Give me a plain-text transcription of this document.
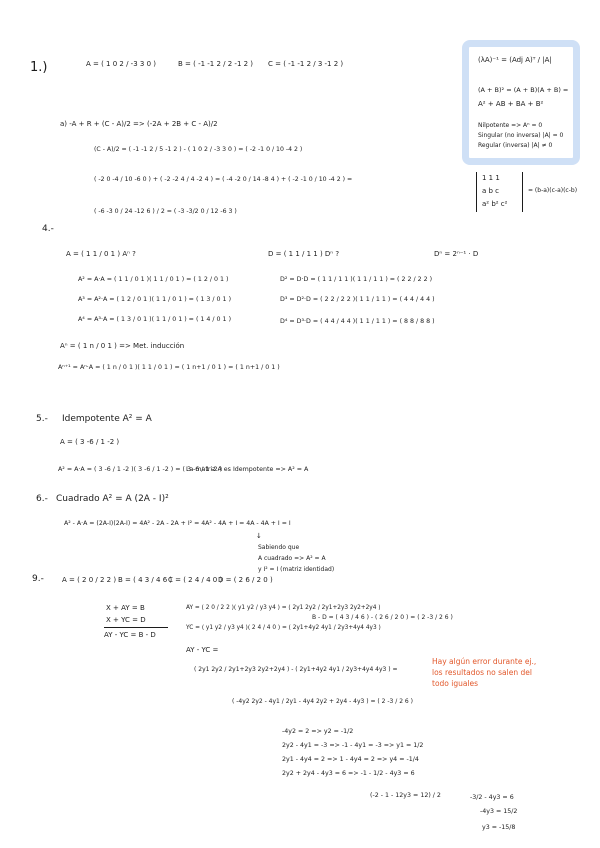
1.)	A = ( 1 0 2 / -3 3 0 )	B = ( -1 -1 2 / 2 -1 2 ) C = ( -1 -1 2 / 3 -1 2 )	(λA)⁻¹ = (Adj A)ᵀ / |A|
(A + B)² = (A + B)(A + B) =
A² + AB + BA + B²
Nilpotente => Aⁿ = 0
Singular (no inversa) |A| = 0
Regular (inversa) |A| ≠ 0
1 1 1
a b c
a² b² c²
= (b-a)(c-a)(c-b)
a) -A + R + (C - A)/2 => (-2A + 2B + C - A)/2
(C - A)/2 = ( -1 -1 2 / 5 -1 2 ) - ( 1 0 2 / -3 3 0 ) = ( -2 -1 0 / 10 -4 2 )
( -2 0 -4 / 10 -6 0 ) + ( -2 -2 4 / 4 -2 4 ) = ( -4 -2 0 / 14 -8 4 ) + ( -2 -1 0 / 10 -4 2 ) =
( -6 -3 0 / 24 -12 6 ) / 2 = ( -3 -3/2 0 / 12 -6 3 )
4.-
A = ( 1 1 / 0 1 ) Aⁿ ?	D = ( 1 1 / 1 1 ) Dⁿ ?	Dⁿ = 2ⁿ⁻¹ · D
A² = A·A = ( 1 1 / 0 1 )( 1 1 / 0 1 ) = ( 1 2 / 0 1 )
A³ = A²·A = ( 1 2 / 0 1 )( 1 1 / 0 1 ) = ( 1 3 / 0 1 )
A⁴ = A³·A = ( 1 3 / 0 1 )( 1 1 / 0 1 ) = ( 1 4 / 0 1 )
D² = D·D = ( 1 1 / 1 1 )( 1 1 / 1 1 ) = ( 2 2 / 2 2 )
D³ = D²·D = ( 2 2 / 2 2 )( 1 1 / 1 1 ) = ( 4 4 / 4 4 )
D⁴ = D³·D = ( 4 4 / 4 4 )( 1 1 / 1 1 ) = ( 8 8 / 8 8 )
Aⁿ = ( 1 n / 0 1 ) => Met. inducción
Aⁿ⁺¹ = Aⁿ·A = ( 1 n / 0 1 )( 1 1 / 0 1 ) = ( 1 n+1 / 0 1 ) = ( 1 n+1 / 0 1 )
5.- Idempotente A² = A
A = ( 3 -6 / 1 -2 )
A² = A·A = ( 3 -6 / 1 -2 )( 3 -6 / 1 -2 ) = ( 3 -6 / 1 -2 )
La matriz A es Idempotente => A² = A
6.- Cuadrado A² = A (2A - I)²
A² - A·A = (2A-I)(2A-I) = 4A² - 2A - 2A + I² = 4A² - 4A + I = 4A - 4A + I = I
↓
Sabiendo que
A cuadrado => A² = A
y I² = I (matriz identidad)
9.-	A = ( 2 0 / 2 2 ) B = ( 4 3 / 4 6 )
C = ( 2 4 / 4 0 )
D = ( 2 6 / 2 0 )
X + AY = B
X + YC = D
AY - YC = B - D
AY = ( 2 0 / 2 2 )( y1 y2 / y3 y4 ) = ( 2y1 2y2 / 2y1+2y3 2y2+2y4 )
YC = ( y1 y2 / y3 y4 )( 2 4 / 4 0 ) = ( 2y1+4y2 4y1 / 2y3+4y4 4y3 )
B - D = ( 4 3 / 4 6 ) - ( 2 6 / 2 0 ) = ( 2 -3 / 2 6 )
AY - YC =
( 2y1 2y2 / 2y1+2y3 2y2+2y4 ) - ( 2y1+4y2 4y1 / 2y3+4y4 4y3 ) =
( -4y2 2y2 - 4y1 / 2y1 - 4y4 2y2 + 2y4 - 4y3 ) = ( 2 -3 / 2 6 )
-4y2 = 2 => y2 = -1/2
2y2 - 4y1 = -3 => -1 - 4y1 = -3 => y1 = 1/2
2y1 - 4y4 = 2 => 1 - 4y4 = 2 => y4 = -1/4
2y2 + 2y4 - 4y3 = 6 => -1 - 1/2 - 4y3 = 6
(-2 - 1 - 12y3 = 12) / 2	-3/2 - 4y3 = 6
-4y3 = 15/2
y3 = -15/8
Hay algún error durante ej., los resultados no salen del todo iguales
